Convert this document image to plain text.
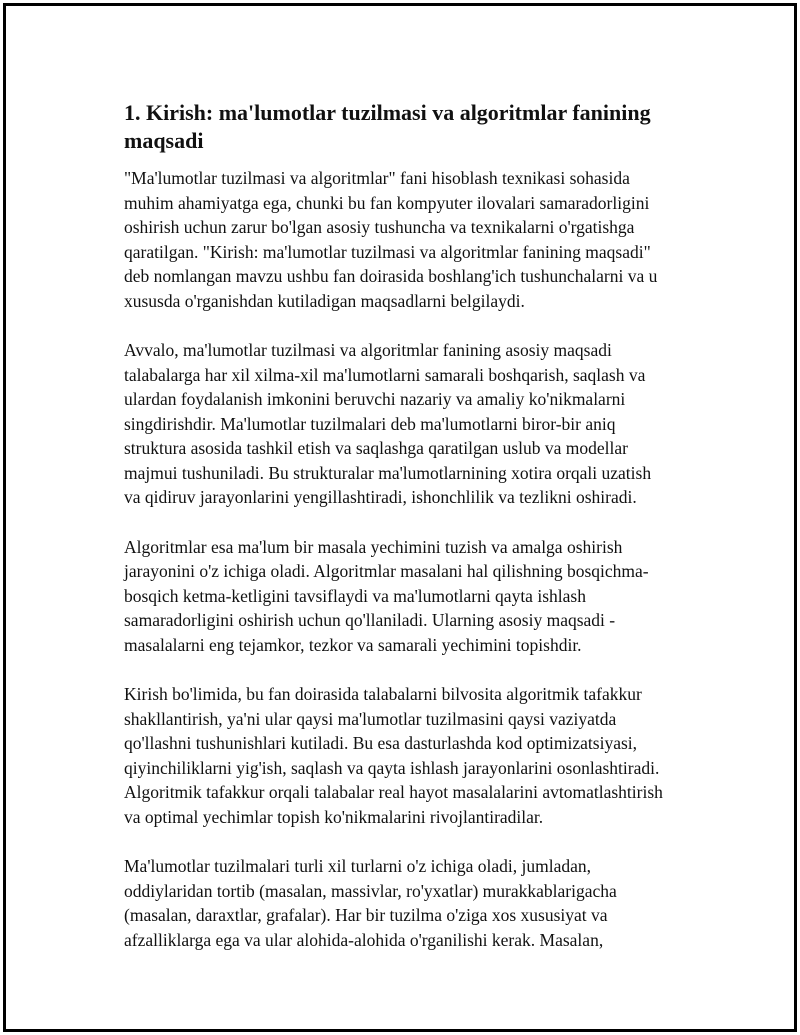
1. Kirish: ma'lumotlar tuzilmasi va algoritmlar fanining maqsadi

"Ma'lumotlar tuzilmasi va algoritmlar" fani hisoblash texnikasi sohasida
muhim ahamiyatga ega, chunki bu fan kompyuter ilovalari samaradorligini
oshirish uchun zarur bo'lgan asosiy tushuncha va texnikalarni o'rgatishga
qaratilgan. "Kirish: ma'lumotlar tuzilmasi va algoritmlar fanining maqsadi"
deb nomlangan mavzu ushbu fan doirasida boshlang'ich tushunchalarni va u
xususda o'rganishdan kutiladigan maqsadlarni belgilaydi.

Avvalo, ma'lumotlar tuzilmasi va algoritmlar fanining asosiy maqsadi
talabalarga har xil xilma-xil ma'lumotlarni samarali boshqarish, saqlash va
ulardan foydalanish imkonini beruvchi nazariy va amaliy ko'nikmalarni
singdirishdir. Ma'lumotlar tuzilmalari deb ma'lumotlarni biror-bir aniq
struktura asosida tashkil etish va saqlashga qaratilgan uslub va modellar
majmui tushuniladi. Bu strukturalar ma'lumotlarnining xotira orqali uzatish
va qidiruv jarayonlarini yengillashtiradi, ishonchlilik va tezlikni oshiradi.

Algoritmlar esa ma'lum bir masala yechimini tuzish va amalga oshirish
jarayonini o'z ichiga oladi. Algoritmlar masalani hal qilishning bosqichma-
bosqich ketma-ketligini tavsiflaydi va ma'lumotlarni qayta ishlash
samaradorligini oshirish uchun qo'llaniladi. Ularning asosiy maqsadi -
masalalarni eng tejamkor, tezkor va samarali yechimini topishdir.

Kirish bo'limida, bu fan doirasida talabalarni bilvosita algoritmik tafakkur
shakllantirish, ya'ni ular qaysi ma'lumotlar tuzilmasini qaysi vaziyatda
qo'llashni tushunishlari kutiladi. Bu esa dasturlashda kod optimizatsiyasi,
qiyinchiliklarni yig'ish, saqlash va qayta ishlash jarayonlarini osonlashtiradi.
Algoritmik tafakkur orqali talabalar real hayot masalalarini avtomatlashtirish
va optimal yechimlar topish ko'nikmalarini rivojlantiradilar.

Ma'lumotlar tuzilmalari turli xil turlarni o'z ichiga oladi, jumladan,
oddiylaridan tortib (masalan, massivlar, ro'yxatlar) murakkablarigacha
(masalan, daraxtlar, grafalar). Har bir tuzilma o'ziga xos xususiyat va
afzalliklarga ega va ular alohida-alohida o'rganilishi kerak. Masalan,
